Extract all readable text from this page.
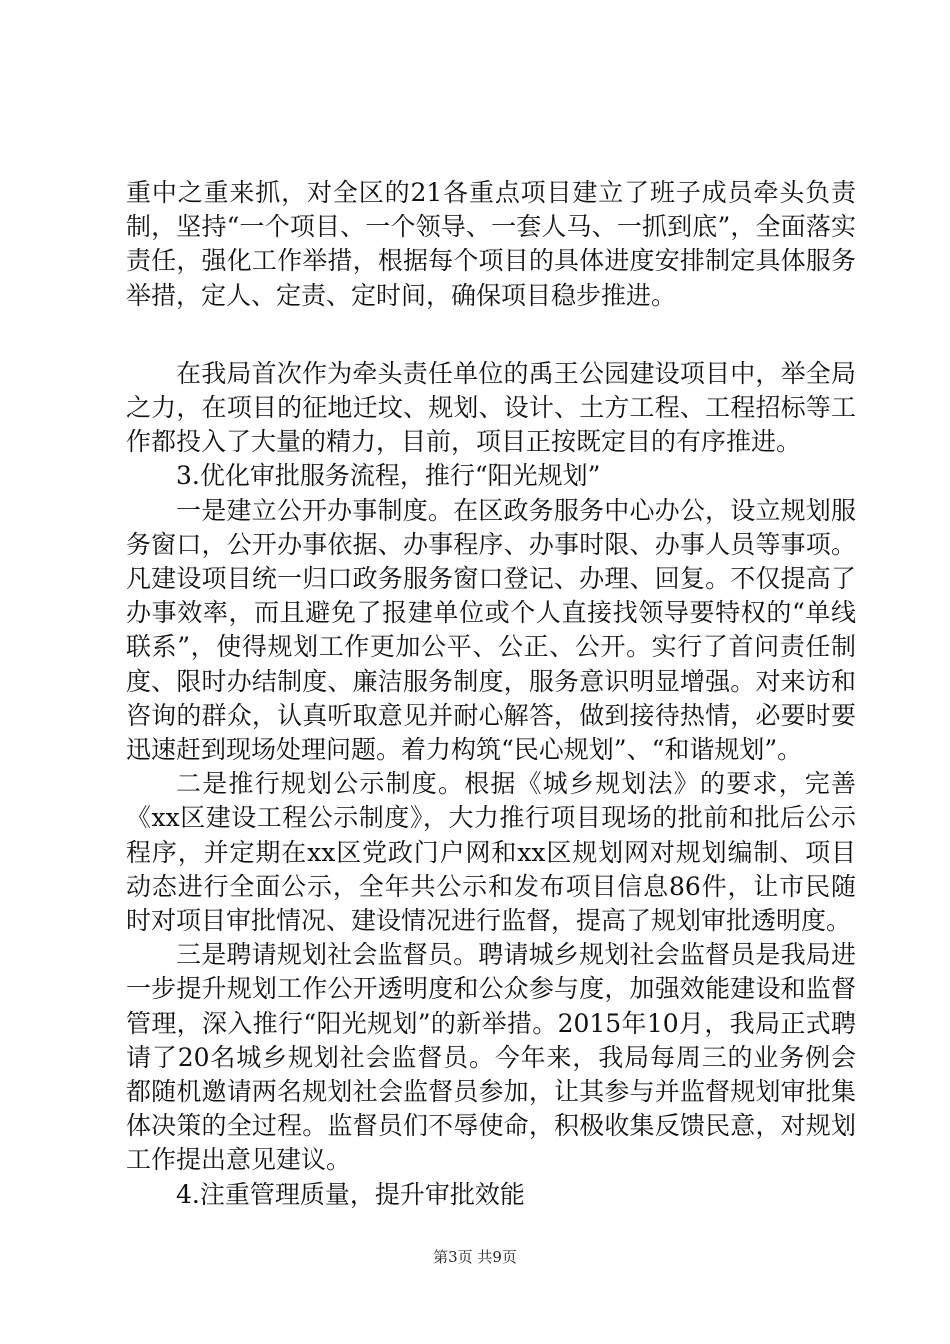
重中之重来抓，对全区的21各重点项目建立了班子成员牵头负责制，坚持“一个项目、一个领导、一套人马、一抓到底”，全面落实责任，强化工作举措，根据每个项目的具体进度安排制定具体服务举措，定人、定责、定时间，确保项目稳步推进。

在我局首次作为牵头责任单位的禹王公园建设项目中，举全局之力，在项目的征地迁坟、规划、设计、土方工程、工程招标等工作都投入了大量的精力，目前，项目正按既定目的有序推进。

3.优化审批服务流程，推行“阳光规划”

一是建立公开办事制度。在区政务服务中心办公，设立规划服务窗口，公开办事依据、办事程序、办事时限、办事人员等事项。凡建设项目统一归口政务服务窗口登记、办理、回复。不仅提高了办事效率，而且避免了报建单位或个人直接找领导要特权的“单线联系”，使得规划工作更加公平、公正、公开。实行了首问责任制度、限时办结制度、廉洁服务制度，服务意识明显增强。对来访和咨询的群众，认真听取意见并耐心解答，做到接待热情，必要时要迅速赶到现场处理问题。着力构筑“民心规划”、“和谐规划”。

二是推行规划公示制度。根据《城乡规划法》的要求，完善《xx区建设工程公示制度》，大力推行项目现场的批前和批后公示程序，并定期在xx区党政门户网和xx区规划网对规划编制、项目动态进行全面公示，全年共公示和发布项目信息86件，让市民随时对项目审批情况、建设情况进行监督，提高了规划审批透明度。

三是聘请规划社会监督员。聘请城乡规划社会监督员是我局进一步提升规划工作公开透明度和公众参与度，加强效能建设和监督管理，深入推行“阳光规划”的新举措。2015年10月，我局正式聘请了20名城乡规划社会监督员。今年来，我局每周三的业务例会都随机邀请两名规划社会监督员参加，让其参与并监督规划审批集体决策的全过程。监督员们不辱使命，积极收集反馈民意，对规划工作提出意见建议。

4.注重管理质量，提升审批效能

第3页 共9页
